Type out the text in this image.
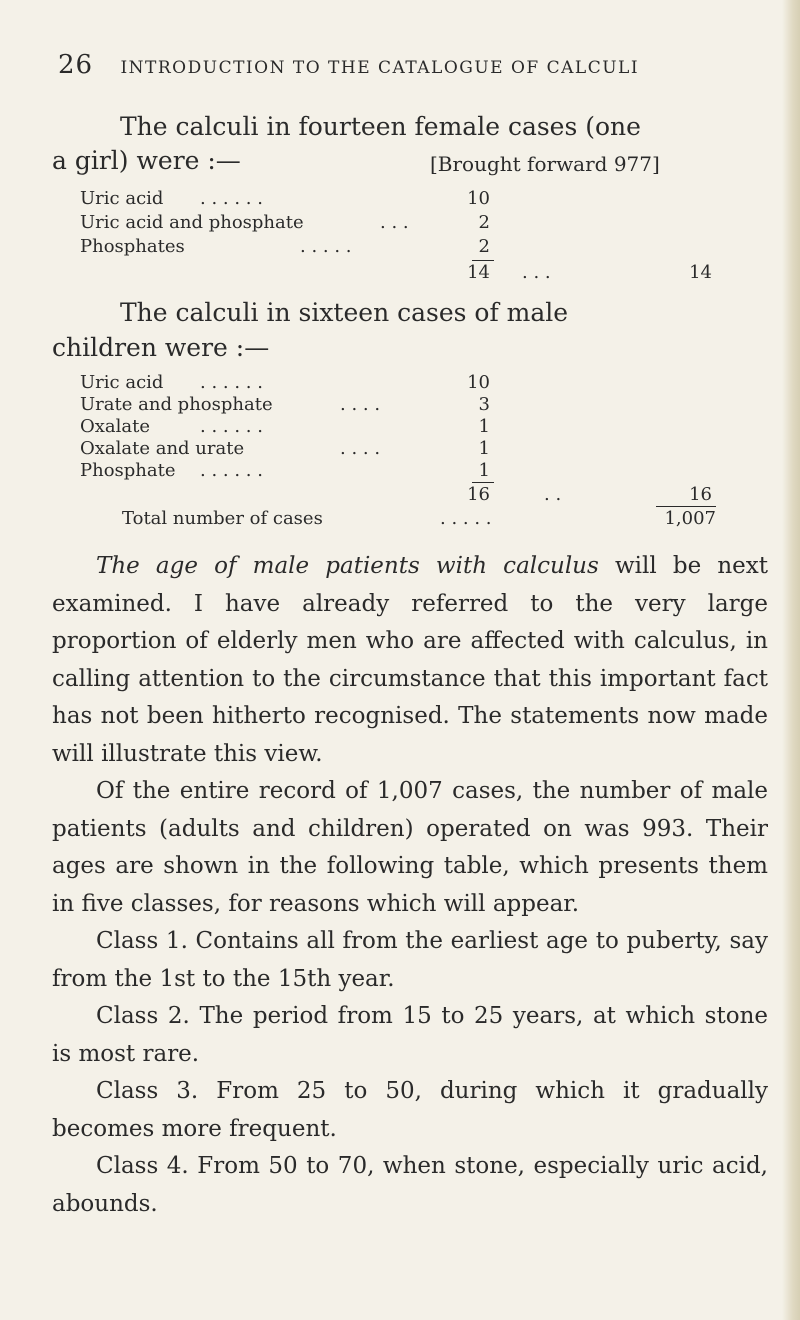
26 INTRODUCTION TO THE CATALOGUE OF CALCULI
The calculi in fourteen female cases (one
a girl) were :—	[Brought forward 977]
Uric acid . . . . . .	10
Uric acid and phosphate	. . .	2
Phosphates	. . . . .	2
14 . . .	14
The calculi in sixteen cases of male
children were :—
Uric acid . . . . . .	10
Urate and phosphate	. . . .	3
Oxalate	. . . . . .	1
Oxalate and urate	. . . .	1
Phosphate . . . . . .	1
16	. .	16
Total number of cases	. . . . .	1,007

The age of male patients with calculus will be next examined. I have already referred to the very large proportion of elderly men who are affected with calculus, in calling attention to the circumstance that this important fact has not been hitherto recognised. The statements now made will illustrate this view.

Of the entire record of 1,007 cases, the number of male patients (adults and children) operated on was 993. Their ages are shown in the following table, which presents them in five classes, for reasons which will appear.

Class 1. Contains all from the earliest age to puberty, say from the 1st to the 15th year.

Class 2. The period from 15 to 25 years, at which stone is most rare.

Class 3. From 25 to 50, during which it gradually becomes more frequent.

Class 4. From 50 to 70, when stone, especially uric acid, abounds.
